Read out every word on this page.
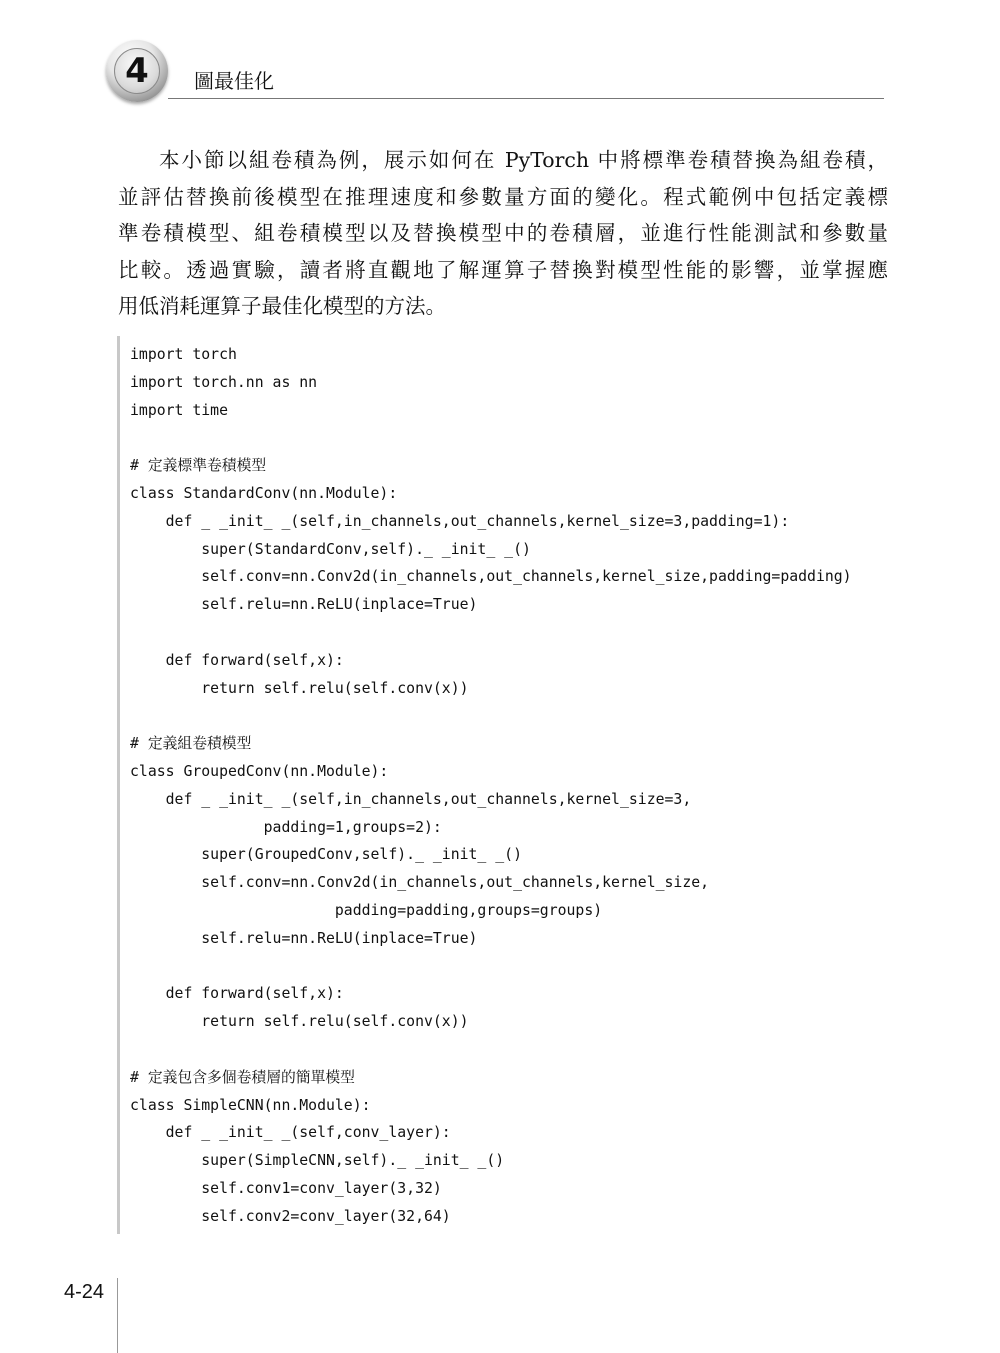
4	圖最佳化
本小節以組卷積為例，展示如何在 PyTorch 中將標準卷積替換為組卷積，
並評估替換前後模型在推理速度和參數量方面的變化。程式範例中包括定義標
準卷積模型、組卷積模型以及替換模型中的卷積層，並進行性能測試和參數量
比較。透過實驗，讀者將直觀地了解運算子替換對模型性能的影響，並掌握應
用低消耗運算子最佳化模型的方法。
import torch
import torch.nn as nn
import time
# 定義標準卷積模型
class StandardConv(nn.Module):
def _ _init_ _(self,in_channels,out_channels,kernel_size=3,padding=1):
super(StandardConv,self)._ _init_ _()
self.conv=nn.Conv2d(in_channels,out_channels,kernel_size,padding=padding)
self.relu=nn.ReLU(inplace=True)
def forward(self,x):
return self.relu(self.conv(x))
# 定義組卷積模型
class GroupedConv(nn.Module):
def _ _init_ _(self,in_channels,out_channels,kernel_size=3,
padding=1,groups=2):
super(GroupedConv,self)._ _init_ _()
self.conv=nn.Conv2d(in_channels,out_channels,kernel_size,
padding=padding,groups=groups)
self.relu=nn.ReLU(inplace=True)
def forward(self,x):
return self.relu(self.conv(x))
# 定義包含多個卷積層的簡單模型
class SimpleCNN(nn.Module):
def _ _init_ _(self,conv_layer):
super(SimpleCNN,self)._ _init_ _()
self.conv1=conv_layer(3,32)
self.conv2=conv_layer(32,64)
4-24
